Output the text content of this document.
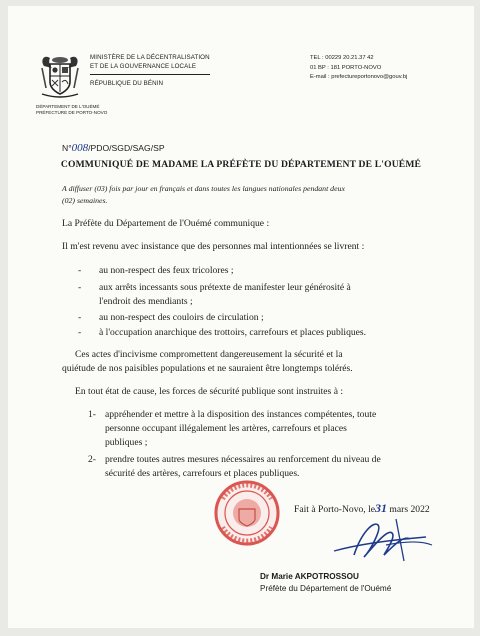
MINISTÈRE DE LA DÉCENTRALISATION
ET DE LA GOUVERNANCE LOCALE
RÉPUBLIQUE DU BÉNIN
DÉPARTEMENT DE L'OUÉMÉ
PRÉFECTURE DE PORTO-NOVO
TEL : 00229 20.21.37 42
01 BP : 181 PORTO-NOVO
E-mail : prefectureportonovo@gouv.bj
N°008/PDO/SGD/SAG/SP
COMMUNIQUÉ DE MADAME LA PRÉFÈTE DU DÉPARTEMENT DE L'OUÉMÉ
A diffuser (03) fois par jour en français et dans toutes les langues nationales pendant deux
(02) semaines.
La Préfète du Département de l'Ouémé communique :
Il m'est revenu avec insistance que des personnes mal intentionnées se livrent :
- au non-respect des feux tricolores ;
- aux arrêts incessants sous prétexte de manifester leur générosité à
l'endroit des mendiants ;
- au non-respect des couloirs de circulation ;
- à l'occupation anarchique des trottoirs, carrefours et places publiques.
Ces actes d'incivisme compromettent dangereusement la sécurité et la
quiétude de nos paisibles populations et ne sauraient être longtemps tolérés.
En tout état de cause, les forces de sécurité publique sont instruites à :
1- appréhender et mettre à la disposition des instances compétentes, toute
personne occupant illégalement les artères, carrefours et places
publiques ;
2- prendre toutes autres mesures nécessaires au renforcement du niveau de
sécurité des artères, carrefours et places publiques.
Fait à Porto-Novo, le31 mars 2022
Dr Marie AKPOTROSSOU
Préfète du Département de l'Ouémé
